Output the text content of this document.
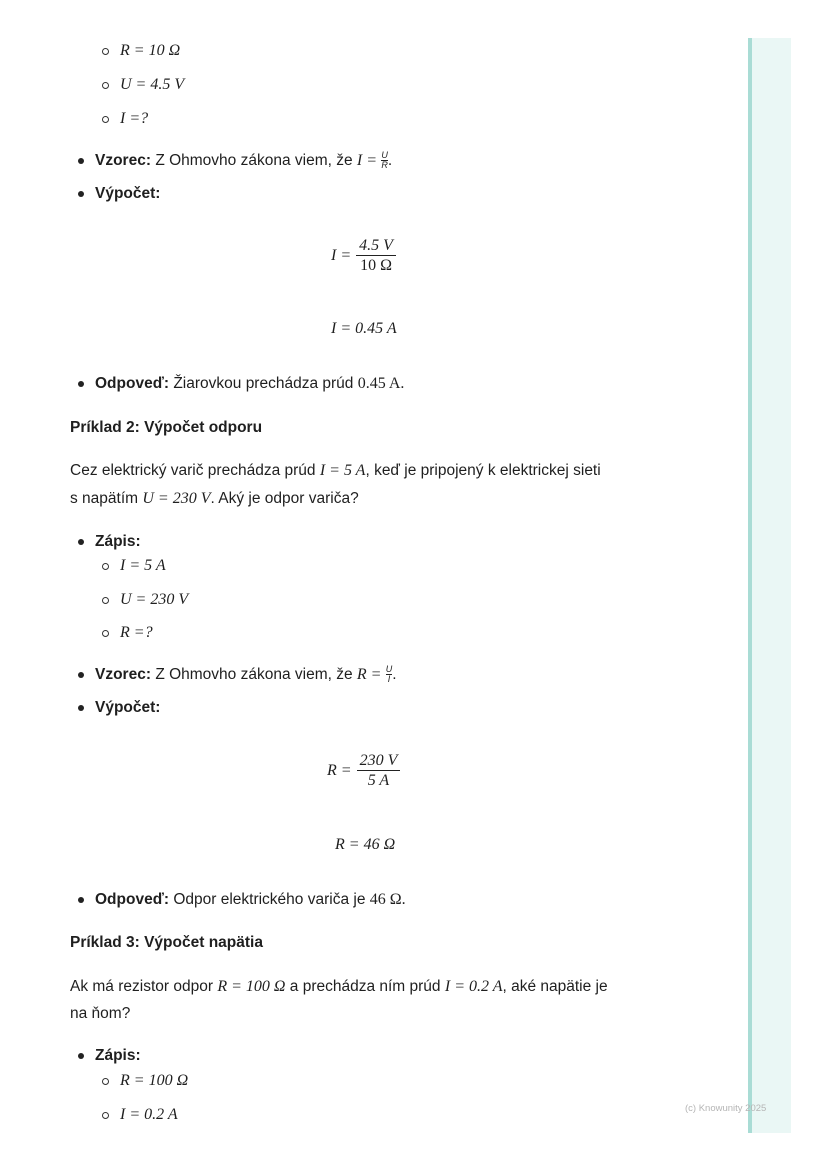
R = 10 Ω
U = 4.5 V
I =?
Vzorec: Z Ohmovho zákona viem, že $I = \frac{U}{R}$ .
Výpočet:
$I = \frac{4.5 V}{10 \Omega}$
I = 0.45 A
Odpoveď: Žiarovkou prechádza prúd 0.45 A.
Príklad 2: Výpočet odporu
Cez elektrický varič prechádza prúd I = 5 A, keď je pripojený k elektrickej sieti
s napätím U = 230 V. Aký je odpor variča?
Zápis:
I = 5 A
U = 230 V
R =?
Vzorec: Z Ohmovho zákona viem, že $R = \frac{U}{I}$ .
Výpočet:
$R = \frac{230 V}{5 A}$
R = 46 Ω
Odpoveď: Odpor elektrického variča je 46 Ω.
Príklad 3: Výpočet napätia
Ak má rezistor odpor R = 100 Ω a prechádza ním prúd I = 0.2 A, aké napätie je
na ňom?
Zápis:
R = 100 Ω
I = 0.2 A	(c) Knowunity 2025
